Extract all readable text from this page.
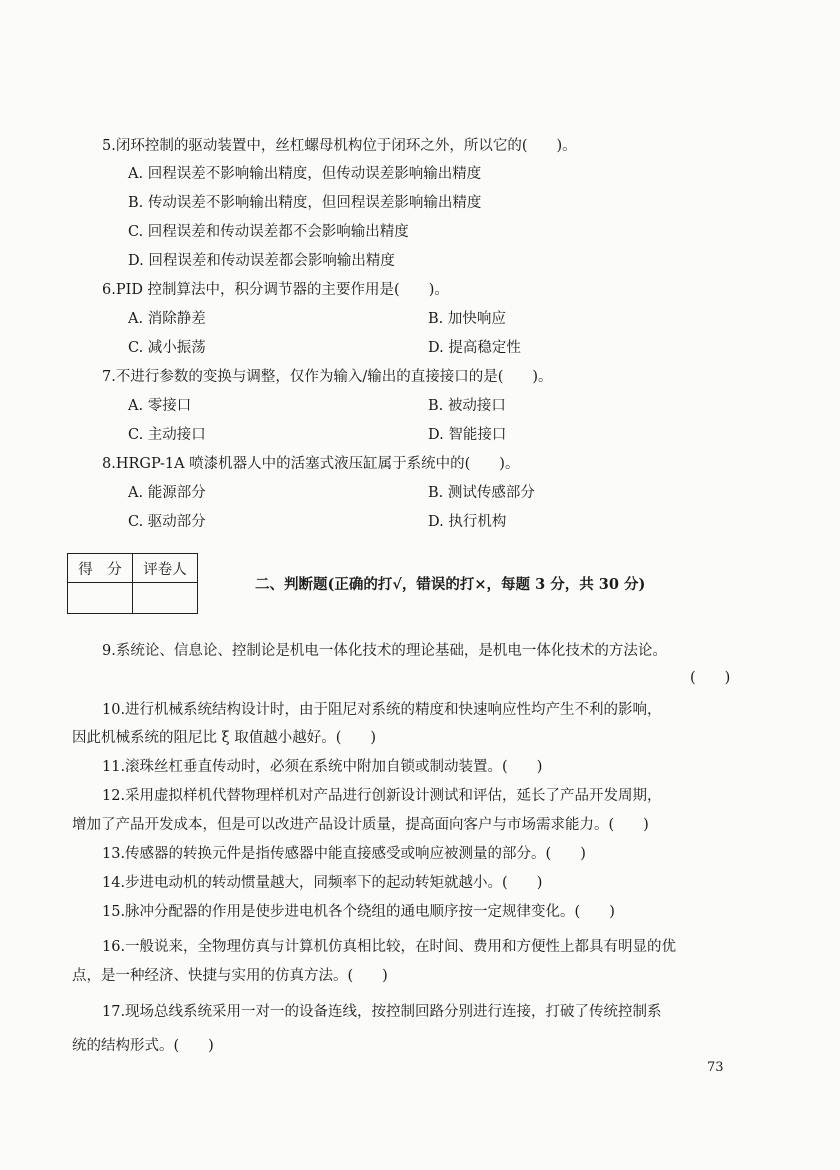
5.闭环控制的驱动装置中，丝杠螺母机构位于闭环之外，所以它的(　　)。
A. 回程误差不影响输出精度，但传动误差影响输出精度
B. 传动误差不影响输出精度，但回程误差影响输出精度
C. 回程误差和传动误差都不会影响输出精度
D. 回程误差和传动误差都会影响输出精度
6.PID 控制算法中，积分调节器的主要作用是(　　)。
A. 消除静差	B. 加快响应
C. 减小振荡	D. 提高稳定性
7.不进行参数的变换与调整，仅作为输入/输出的直接接口的是(　　)。
A. 零接口	B. 被动接口
C. 主动接口	D. 智能接口
8.HRGP-1A 喷漆机器人中的活塞式液压缸属于系统中的(　　)。
A. 能源部分	B. 测试传感部分
C. 驱动部分	D. 执行机构
得　分	评卷人

二、判断题(正确的打√，错误的打×，每题 3 分，共 30 分)
9.系统论、信息论、控制论是机电一体化技术的理论基础，是机电一体化技术的方法论。
(　　)
10.进行机械系统结构设计时，由于阻尼对系统的精度和快速响应性均产生不利的影响，
因此机械系统的阻尼比 ξ 取值越小越好。(　　)
11.滚珠丝杠垂直传动时，必须在系统中附加自锁或制动装置。(　　)
12.采用虚拟样机代替物理样机对产品进行创新设计测试和评估，延长了产品开发周期，
增加了产品开发成本，但是可以改进产品设计质量，提高面向客户与市场需求能力。(　　)
13.传感器的转换元件是指传感器中能直接感受或响应被测量的部分。(　　)
14.步进电动机的转动惯量越大，同频率下的起动转矩就越小。(　　)
15.脉冲分配器的作用是使步进电机各个绕组的通电顺序按一定规律变化。(　　)
16.一般说来，全物理仿真与计算机仿真相比较，在时间、费用和方便性上都具有明显的优
点，是一种经济、快捷与实用的仿真方法。(　　)
17.现场总线系统采用一对一的设备连线，按控制回路分别进行连接，打破了传统控制系
统的结构形式。(　　)
73
